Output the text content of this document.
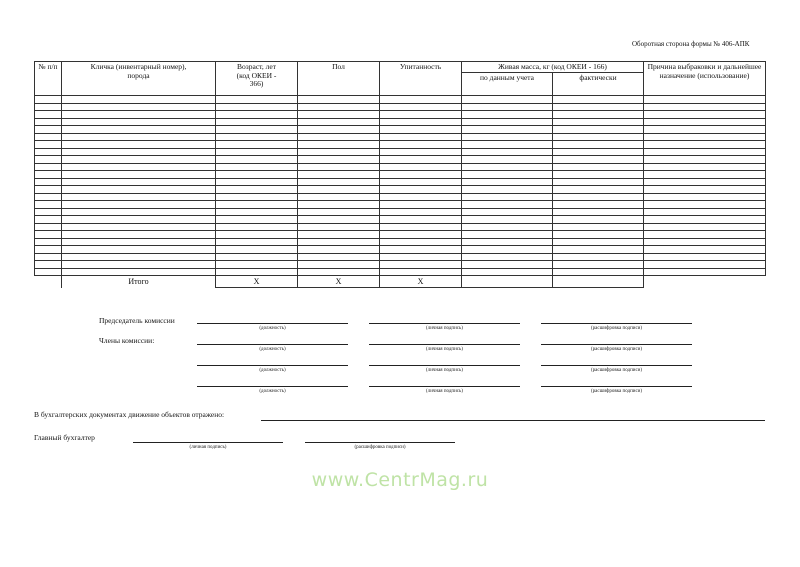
Оборотная сторона формы № 406-АПК
№ п/п	Кличка (инвентарный номер), порода	Возраст, лет (код ОКЕИ - 366)	Пол	Упитанность	Живая масса, кг (код ОКЕИ - 166)		Причина выбраковки и дальнейшее назначение (использование)
					по данным учета	фактически	

	Итого	Х	Х	Х			
Председатель комиссии
Члены комиссии:
(должность)	(личная подпись)	(расшифровка подписи)
(должность)	(личная подпись)	(расшифровка подписи)
(должность)	(личная подпись)	(расшифровка подписи)
(должность)	(личная подпись)	(расшифровка подписи)
В бухгалтерских документах движение объектов отражено:
Главный бухгалтер
(личная подпись)	(расшифровка подписи)
www.CentrMag.ru
